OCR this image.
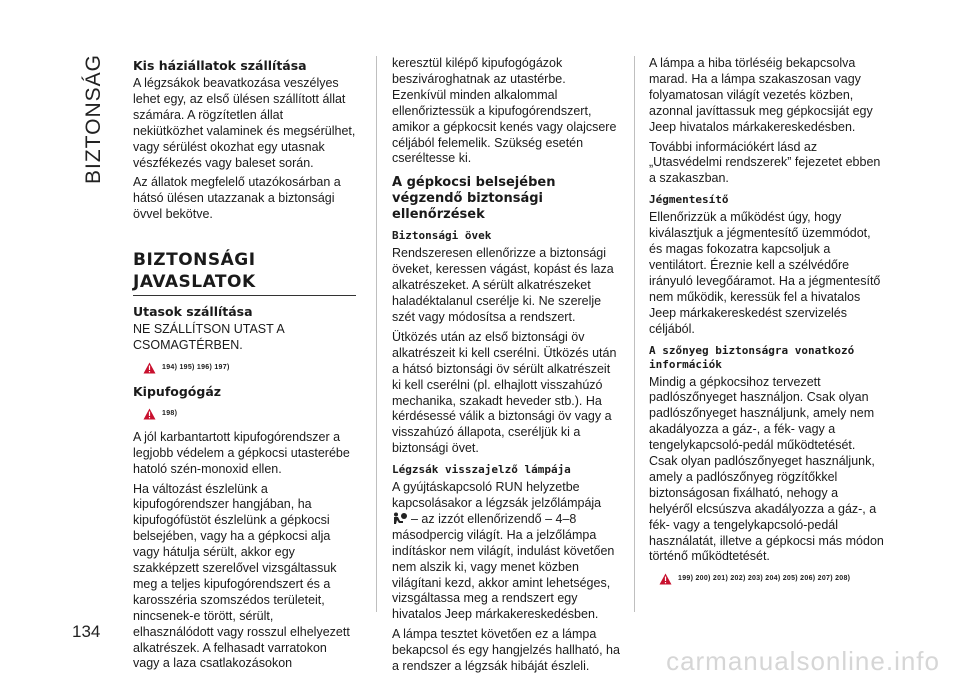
BIZTONSÁG
134
Kis háziállatok szállítása

A légzsákok beavatkozása veszélyes lehet egy, az első ülésen szállított állat számára. A rögzítetlen állat nekiütközhet valaminek és megsérülhet, vagy sérülést okozhat egy utasnak vészfékezés vagy baleset során.

Az állatok megfelelő utazókosárban a hátsó ülésen utazzanak a biztonsági övvel bekötve.

BIZTONSÁGI JAVASLATOK
Utasok szállítása

NE SZÁLLÍTSON UTAST A CSOMAGTÉRBEN.

194) 195) 196) 197)
Kipufogógáz
198)

A jól karbantartott kipufogórendszer a legjobb védelem a gépkocsi utasterébe hatoló szén-monoxid ellen.

Ha változást észlelünk a kipufogórendszer hangjában, ha kipufogófüstöt észlelünk a gépkocsi belsejében, vagy ha a gépkocsi alja vagy hátulja sérült, akkor egy szakképzett szerelővel vizsgáltassuk meg a teljes kipufogórendszert és a karosszéria szomszédos területeit, nincsenek-e törött, sérült, elhasználódott vagy rosszul elhelyezett alkatrészek. A felhasadt varratokon vagy a laza csatlakozásokon

keresztül kilépő kipufogógázok beszivároghatnak az utastérbe. Ezenkívül minden alkalommal ellenőriztessük a kipufogórendszert, amikor a gépkocsit kenés vagy olajcsere céljából felemelik. Szükség esetén cseréltesse ki.

A gépkocsi belsejében végzendő biztonsági ellenőrzések
Biztonsági övek

Rendszeresen ellenőrizze a biztonsági öveket, keressen vágást, kopást és laza alkatrészeket. A sérült alkatrészeket haladéktalanul cserélje ki. Ne szerelje szét vagy módosítsa a rendszert.

Ütközés után az első biztonsági öv alkatrészeit ki kell cserélni. Ütközés után a hátsó biztonsági öv sérült alkatrészeit ki kell cserélni (pl. elhajlott visszahúzó mechanika, szakadt heveder stb.). Ha kérdésessé válik a biztonsági öv vagy a visszahúzó állapota, cseréljük ki a biztonsági övet.

Légzsák visszajelző lámpája

A gyújtáskapcsoló RUN helyzetbe kapcsolásakor a légzsák jelzőlámpája

– az izzót ellenőrizendő – 4–8 másodpercig világít. Ha a jelzőlámpa indításkor nem világít, indulást követően nem alszik ki, vagy menet közben világítani kezd, akkor amint lehetséges, vizsgáltassa meg a rendszert egy hivatalos Jeep márkakereskedésben.

A lámpa tesztet követően ez a lámpa bekapcsol és egy hangjelzés hallható, ha a rendszer a légzsák hibáját észleli.

A lámpa a hiba törléséig bekapcsolva marad. Ha a lámpa szakaszosan vagy folyamatosan világít vezetés közben, azonnal javíttassuk meg gépkocsiját egy Jeep hivatalos márkakereskedésben.

További információkért lásd az „Utasvédelmi rendszerek” fejezetet ebben a szakaszban.

Jégmentesítő

Ellenőrizzük a működést úgy, hogy kiválasztjuk a jégmentesítő üzemmódot, és magas fokozatra kapcsoljuk a ventilátort. Éreznie kell a szélvédőre irányuló levegőáramot. Ha a jégmentesítő nem működik, keressük fel a hivatalos Jeep márkakereskedést szervizelés céljából.

A szőnyeg biztonságra vonatkozó információk

Mindig a gépkocsihoz tervezett padlószőnyeget használjon. Csak olyan padlószőnyeget használjunk, amely nem akadályozza a gáz-, a fék- vagy a tengelykapcsoló-pedál működtetését. Csak olyan padlószőnyeget használjunk, amely a padlószőnyeg rögzítőkkel biztonságosan fixálható, nehogy a helyéről elcsúszva akadályozza a gáz-, a fék- vagy a tengelykapcsoló-pedál használatát, illetve a gépkocsi más módon történő működtetését.

199) 200) 201) 202) 203) 204) 205) 206) 207) 208)
carmanualsonline.info
